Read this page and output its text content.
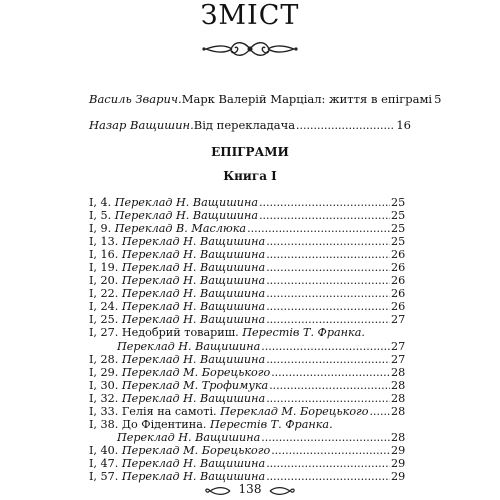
ЗМІСТ
Василь Зварич. Марк Валерій Марціал: життя в епіграмі 5
Назар Ващишин. Від перекладача .....	16
ЕПІГРАМИ
Книга I
I, 4. Переклад Н. Ващишина .....	25
I, 5. Переклад Н. Ващишина .....	25
I, 9. Переклад В. Маслюка .....	25
I, 13. Переклад Н. Ващишина .....	25
I, 16. Переклад Н. Ващишина .....	26
I, 19. Переклад Н. Ващишина .....	26
I, 20. Переклад Н. Ващишина .....	26
I, 22. Переклад Н. Ващишина .....	26
I, 24. Переклад Н. Ващишина .....	26
I, 25. Переклад Н. Ващишина .....	27
I, 27. Недобрий товариш. Перестів Т. Франка.
Переклад Н. Ващишина .....	27
I, 28. Переклад Н. Ващишина .....	27
I, 29. Переклад М. Борецького .....	28
I, 30. Переклад М. Трофимука .....	28
I, 32. Переклад Н. Ващишина .....	28
I, 33. Гелія на самоті. Переклад М. Борецького ..... 28
I, 38. До Фідентина. Перестів Т. Франка.
Переклад Н. Ващишина .....	28
I, 40. Переклад М. Борецького .....	29
I, 47. Переклад Н. Ващишина .....	29
I, 57. Переклад Н. Ващишина .....	29
138
